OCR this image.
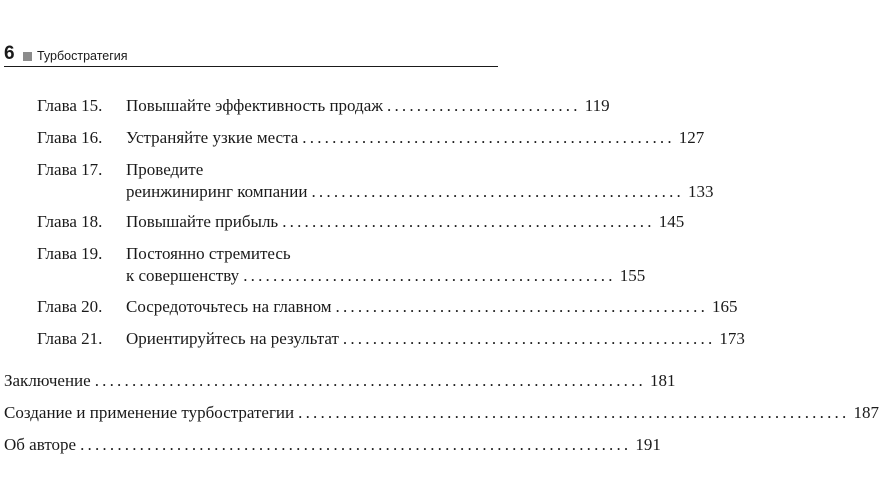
6 Турбостратегия
Глава 15. Повышайте эффективность продаж .......................... 119
Глава 16. Устраняйте узкие места .................................................. 127
Глава 17. Проведите
реинжиниринг компании .................................................. 133
Глава 18. Повышайте прибыль .................................................. 145
Глава 19. Постоянно стремитесь
к совершенству .................................................. 155
Глава 20. Сосредоточьтесь на главном .................................................. 165
Глава 21. Ориентируйтесь на результат .................................................. 173
Заключение .......................................................................... 181
Создание и применение турбостратегии .......................................................................... 187
Об авторе .......................................................................... 191
